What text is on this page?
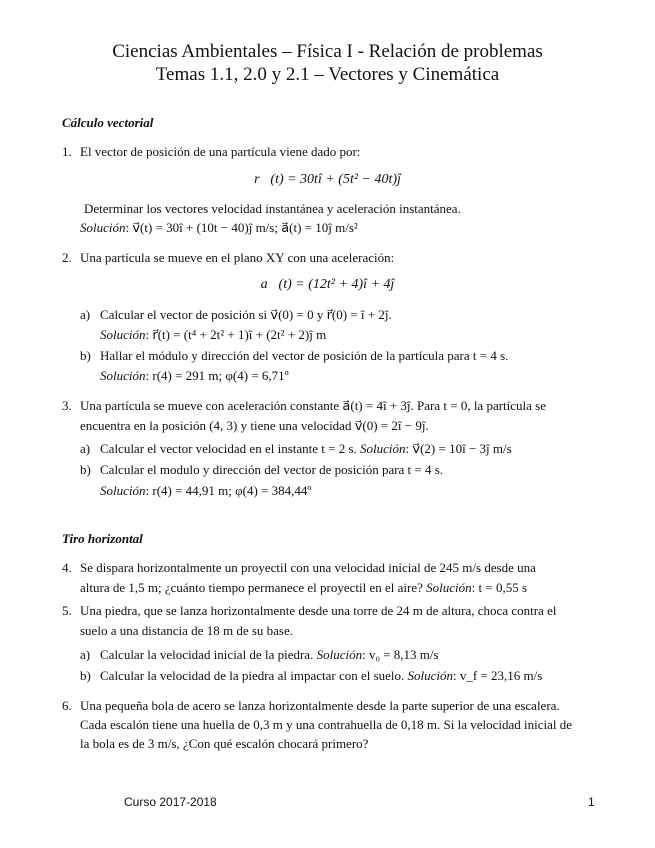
Ciencias Ambientales – Física I - Relación de problemas
Temas 1.1, 2.0 y 2.1 – Vectores y Cinemática
Cálculo vectorial
1. El vector de posición de una partícula viene dado por:
r⃗(t) = 30tî + (5t² − 40t)ĵ
Determinar los vectores velocidad instantánea y aceleración instantánea.
Solución: v⃗(t) = 30î + (10t − 40)ĵ m/s; a⃗(t) = 10ĵ m/s²
2. Una partícula se mueve en el plano XY con una aceleración:
a⃗(t) = (12t² + 4)î + 4ĵ
a) Calcular el vector de posición si v⃗(0) = 0 y r⃗(0) = î + 2ĵ.
Solución: r⃗(t) = (t⁴ + 2t² + 1)î + (2t² + 2)ĵ m
b) Hallar el módulo y dirección del vector de posición de la partícula para t = 4 s.
Solución: r(4) = 291 m; φ(4) = 6,71º
3. Una partícula se mueve con aceleración constante a⃗(t) = 4î + 3ĵ. Para t = 0, la partícula se
encuentra en la posición (4, 3) y tiene una velocidad v⃗(0) = 2î − 9ĵ.
a) Calcular el vector velocidad en el instante t = 2 s. Solución: v⃗(2) = 10î − 3ĵ m/s
b) Calcular el modulo y dirección del vector de posición para t = 4 s.
Solución: r(4) = 44,91 m; φ(4) = 384,44º
Tiro horizontal
4. Se dispara horizontalmente un proyectil con una velocidad inicial de 245 m/s desde una
altura de 1,5 m; ¿cuánto tiempo permanece el proyectil en el aire? Solución: t = 0,55 s
5. Una piedra, que se lanza horizontalmente desde una torre de 24 m de altura, choca contra el
suelo a una distancia de 18 m de su base.
a) Calcular la velocidad inicial de la piedra. Solución: v₀ = 8,13 m/s
b) Calcular la velocidad de la piedra al impactar con el suelo. Solución: v_f = 23,16 m/s
6. Una pequeña bola de acero se lanza horizontalmente desde la parte superior de una escalera.
Cada escalón tiene una huella de 0,3 m y una contrahuella de 0,18 m. Si la velocidad inicial de
la bola es de 3 m/s, ¿Con qué escalón chocará primero?
Curso 2017-2018	1
